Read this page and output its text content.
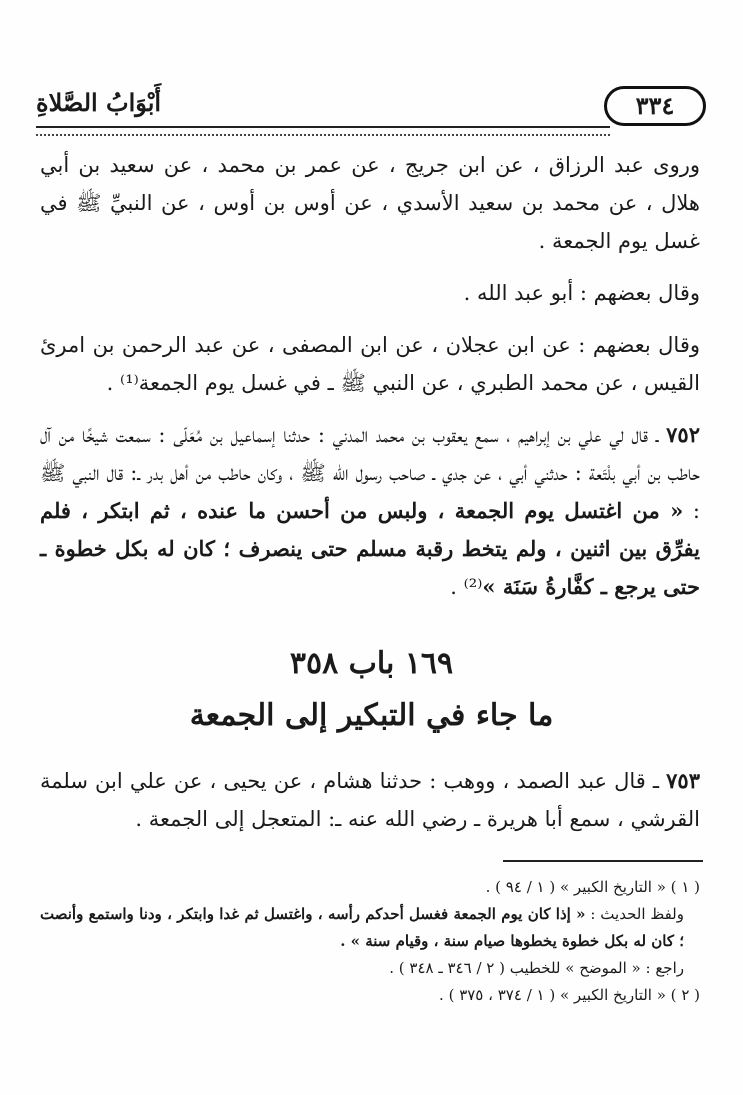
٣٣٤
أَبْوَابُ الصَّلاةِ

وروى عبد الرزاق ، عن ابن جريج ، عن عمر بن محمد ، عن سعيد بن أبي هلال ، عن محمد بن سعيد الأسدي ، عن أوس بن أوس ، عن النبيِّ ﷺ في غسل يوم الجمعة .

وقال بعضهم : أبو عبد الله .

وقال بعضهم : عن ابن عجلان ، عن ابن المصفى ، عن عبد الرحمن بن امرئ القيس ، عن محمد الطبري ، عن النبي ﷺ ـ في غسل يوم الجمعة⁽¹⁾ .

٧٥٢ ـ قال لي علي بن إبراهيم ، سمع يعقوب بن محمد المدني : حدثنا إسماعيل بن مُعَلّى : سمعت شيخًا من آل حاطب بن أبي بلْتَعة : حدثني أبي ، عن جدي ـ صاحب رسول الله ﷺ ، وكان حاطب من أهل بدر ـ: قال النبي ﷺ : « من اغتسل يوم الجمعة ، ولبس من أحسن ما عنده ، ثم ابتكر ، فلم يفرِّق بين اثنين ، ولم يتخط رقبة مسلم حتى ينصرف ؛ كان له بكل خطوة ـ حتى يرجع ـ كفَّارةُ سَنَة »⁽²⁾ .

١٦٩ باب ٣٥٨
ما جاء في التبكير إلى الجمعة

٧٥٣ ـ قال عبد الصمد ، ووهب : حدثنا هشام ، عن يحيى ، عن علي ابن سلمة القرشي ، سمع أبا هريرة ـ رضي الله عنه ـ: المتعجل إلى الجمعة .

( ١ ) « التاريخ الكبير » ( ١ / ٩٤ ) .

ولفظ الحديث : « إذا كان يوم الجمعة فغسل أحدكم رأسه ، واغتسل ثم غدا وابتكر ، ودنا واستمع وأنصت ؛ كان له بكل خطوة يخطوها صيام سنة ، وقيام سنة » .

راجع : « الموضح » للخطيب ( ٢ / ٣٤٦ ـ ٣٤٨ ) .

( ٢ ) « التاريخ الكبير » ( ١ / ٣٧٤ ، ٣٧٥ ) .
